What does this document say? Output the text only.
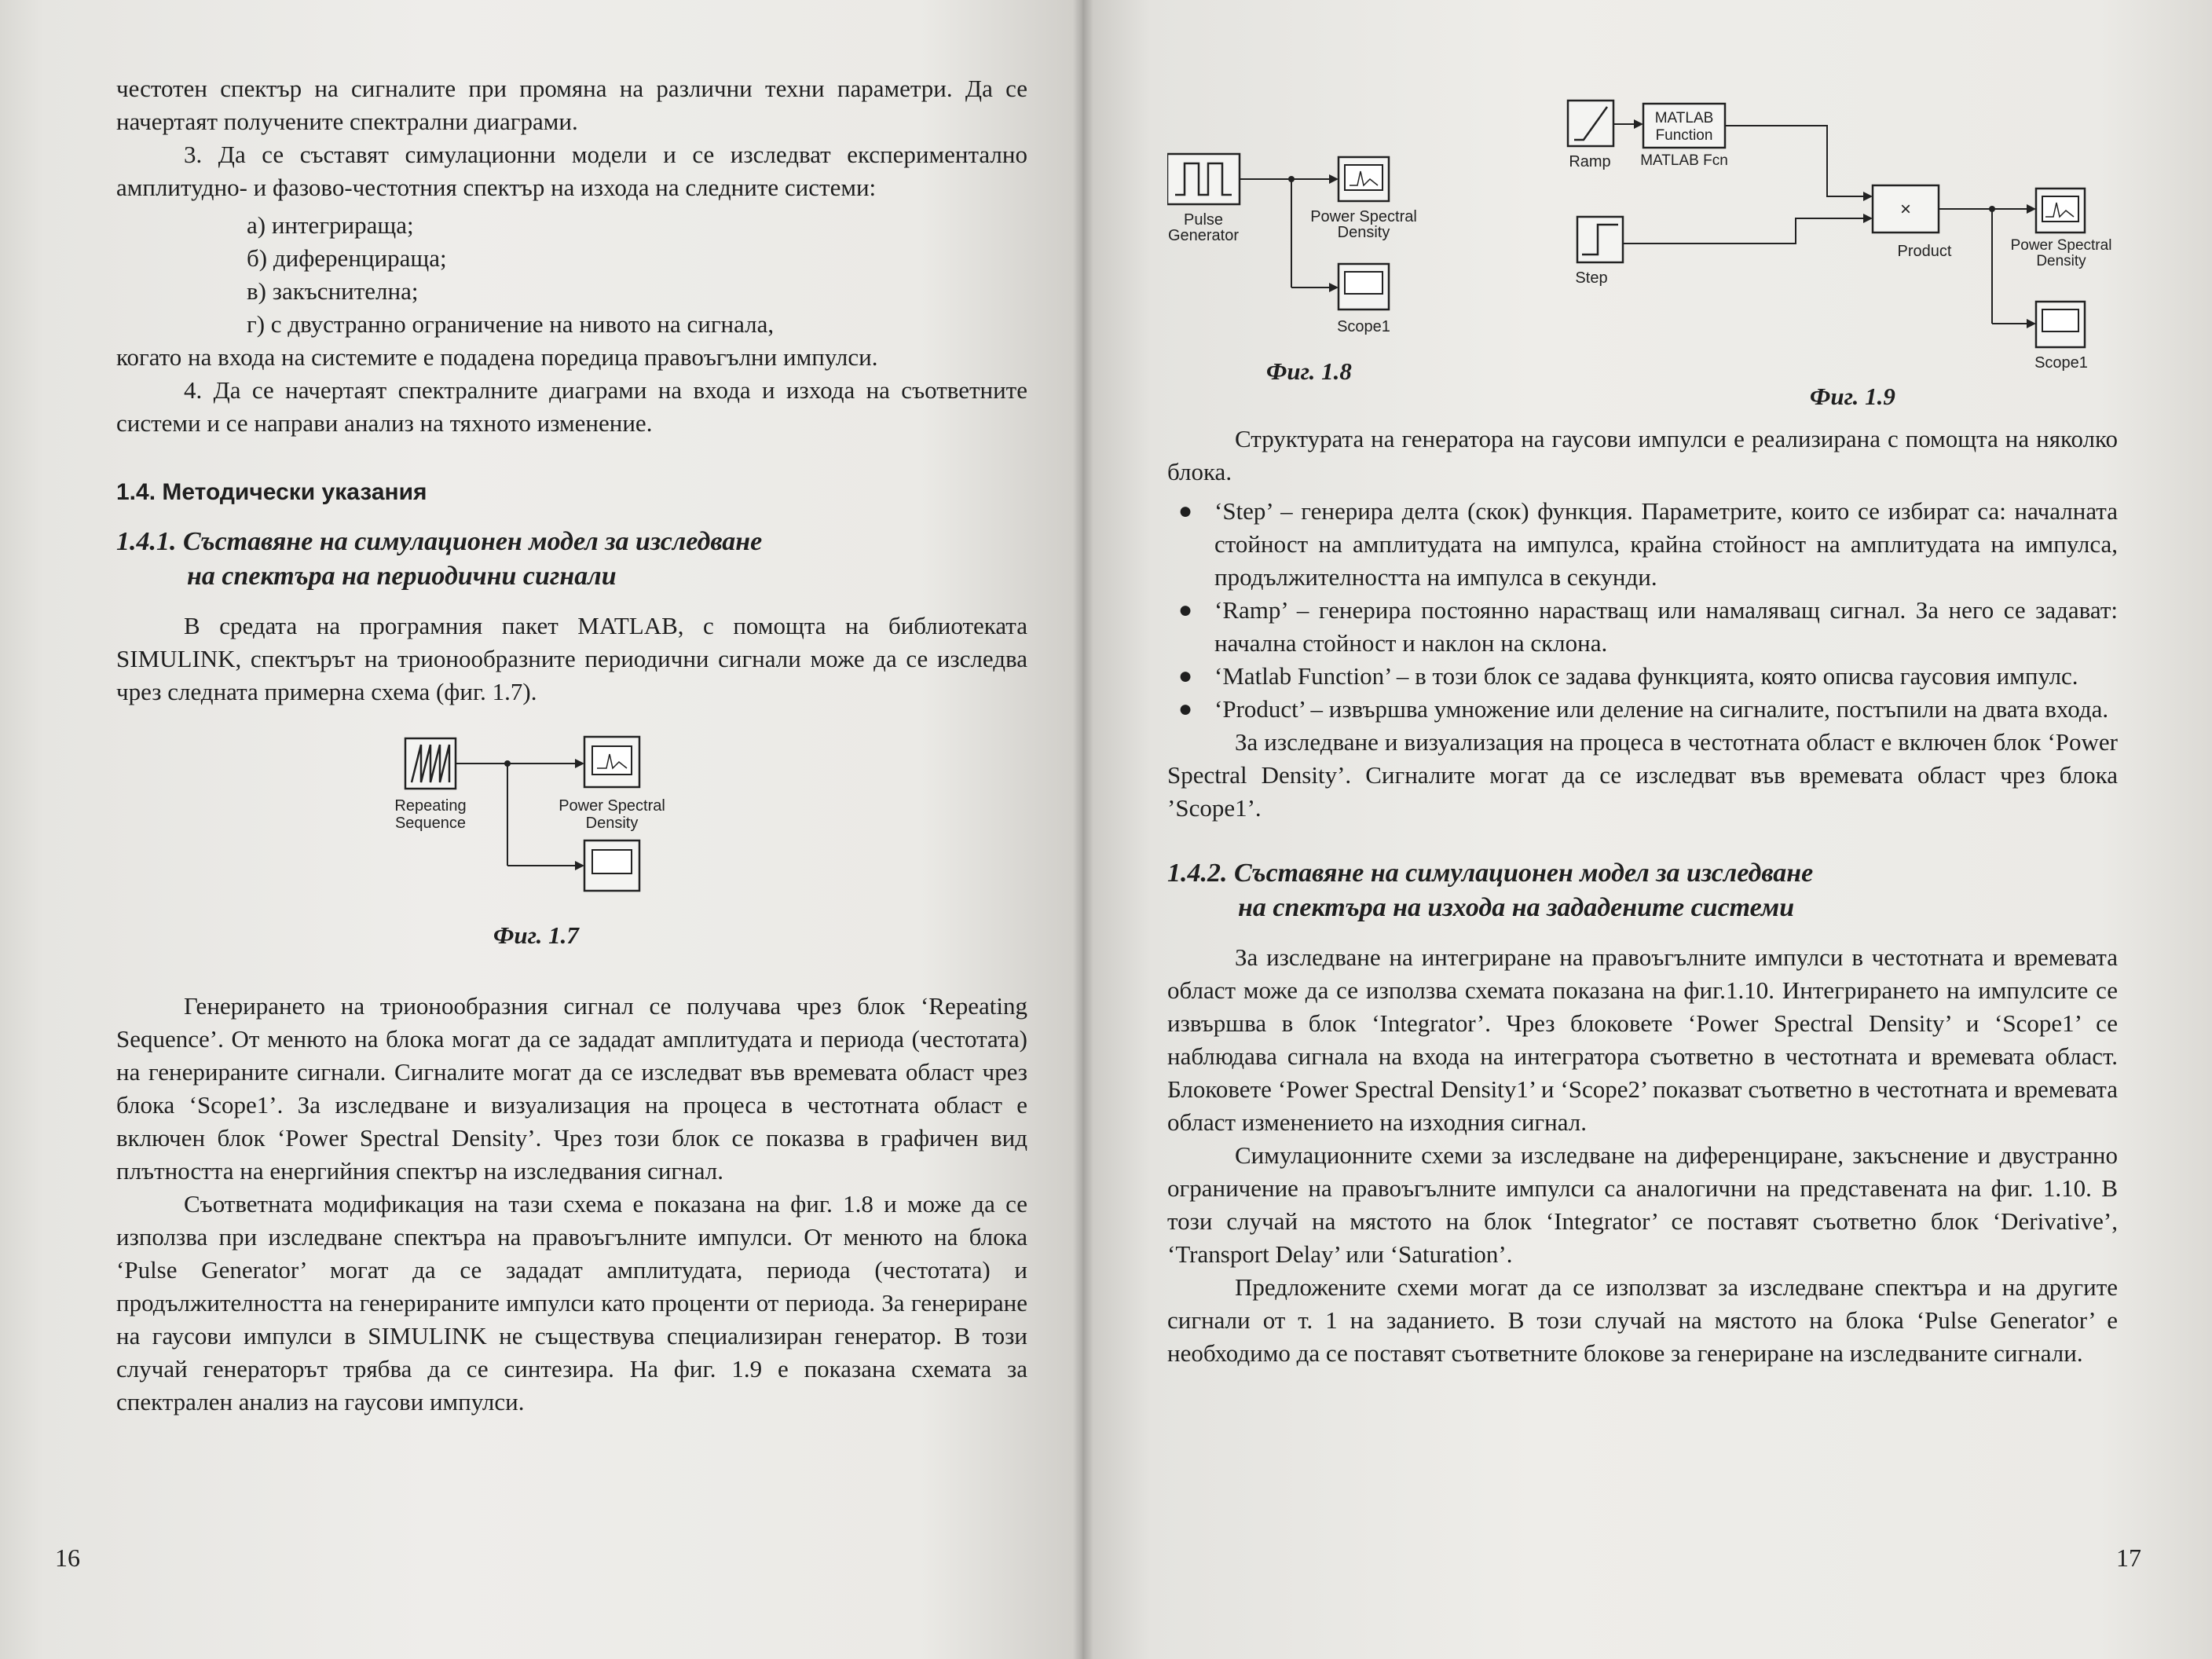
честотен спектър на сигналите при промяна на различни техни параметри. Да се начертаят получените спектрални диаграми.

3. Да се съставят симулационни модели и се изследват експериментално амплитудно- и фазово-честотния спектър на изхода на следните системи:

а) интегрираща;

б) диференцираща;

в) закъснителна;

г) с двустранно ограничение на нивото на сигнала,

когато на входа на системите е подадена поредица правоъгълни импулси.

4. Да се начертаят спектралните диаграми на входа и изхода на съответните системи и се направи анализ на тяхното изменение.

1.4. Методически указания
1.4.1. Съставяне на симулационен модел за изследване
на спектъра на периодични сигнали

В средата на програмния пакет MATLAB, с помощта на библиотеката SIMULINK, спектърът на трионообразните периодични сигнали може да се изследва чрез следната примерна схема (фиг. 1.7).

Repeating
Sequence
Power Spectral
Density

Фиг. 1.7

Генерирането на трионообразния сигнал се получава чрез блок ‘Repeating Sequence’. От менюто на блока могат да се зададат амплитудата и периода (честотата) на генерираните сигнали. Сигналите могат да се изследват във времевата област чрез блока ‘Scope1’. За изследване и визуализация на процеса в честотната област е включен блок ‘Power Spectral Density’. Чрез този блок се показва в графичен вид плътността на енергийния спектър на изследвания сигнал.

Съответната модификация на тази схема е показана на фиг. 1.8 и може да се използва при изследване спектъра на правоъгълните импулси. От менюто на блока ‘Pulse Generator’ могат да се зададат амплитудата, периода (честотата) и продължителността на генерираните импулси като проценти от периода. За генериране на гаусови импулси в SIMULINK не съществува специализиран генератор. В този случай генераторът трябва да се синтезира. На фиг. 1.9 е показана схемата за спектрален анализ на гаусови импулси.

16
Pulse
Generator
Power Spectral
Density
Scope1
Ramp
MATLAB
Function
MATLAB Fcn
Step
×
Product	Power Spectral
Density
Scope1

Фиг. 1.8

Фиг. 1.9

Структурата на генератора на гаусови импулси е реализирана с помощта на няколко блока.

● ‘Step’ – генерира делта (скок) функция. Параметрите, които се избират са: началната стойност на амплитудата на импулса, крайна стойност на амплитудата на импулса, продължителността на импулса в секунди.
● ‘Ramp’ – генерира постоянно нарастващ или намаляващ сигнал. За него се задават: начална стойност и наклон на склона.
● ‘Matlab Function’ – в този блок се задава функцията, която описва гаусовия импулс.
● ‘Product’ – извършва умножение или деление на сигналите, постъпили на двата входа.

За изследване и визуализация на процеса в честотната област е включен блок ‘Power Spectral Density’. Сигналите могат да се изследват във времевата област чрез блока ’Scope1’.

1.4.2. Съставяне на симулационен модел за изследване
на спектъра на изхода на зададените системи

За изследване на интегриране на правоъгълните импулси в честотната и времевата област може да се използва схемата показана на фиг.1.10. Интегрирането на импулсите се извършва в блок ‘Integrator’. Чрез блоковете ‘Power Spectral Density’ и ‘Scope1’ се наблюдава сигнала на входа на интегратора съответно в честотната и времевата област. Блоковете ‘Power Spectral Density1’ и ‘Scope2’ показват съответно в честотната и времевата област изменението на изходния сигнал.

Симулационните схеми за изследване на диференциране, закъснение и двустранно ограничение на правоъгълните импулси са аналогични на представената на фиг. 1.10. В този случай на мястото на блок ‘Integrator’ се поставят съответно блок ‘Derivative’, ‘Transport Delay’ или ‘Saturation’.

Предложените схеми могат да се използват за изследване спектъра и на другите сигнали от т. 1 на заданието. В този случай на мястото на блока ‘Pulse Generator’ е необходимо да се поставят съответните блокове за генериране на изследваните сигнали.

17
